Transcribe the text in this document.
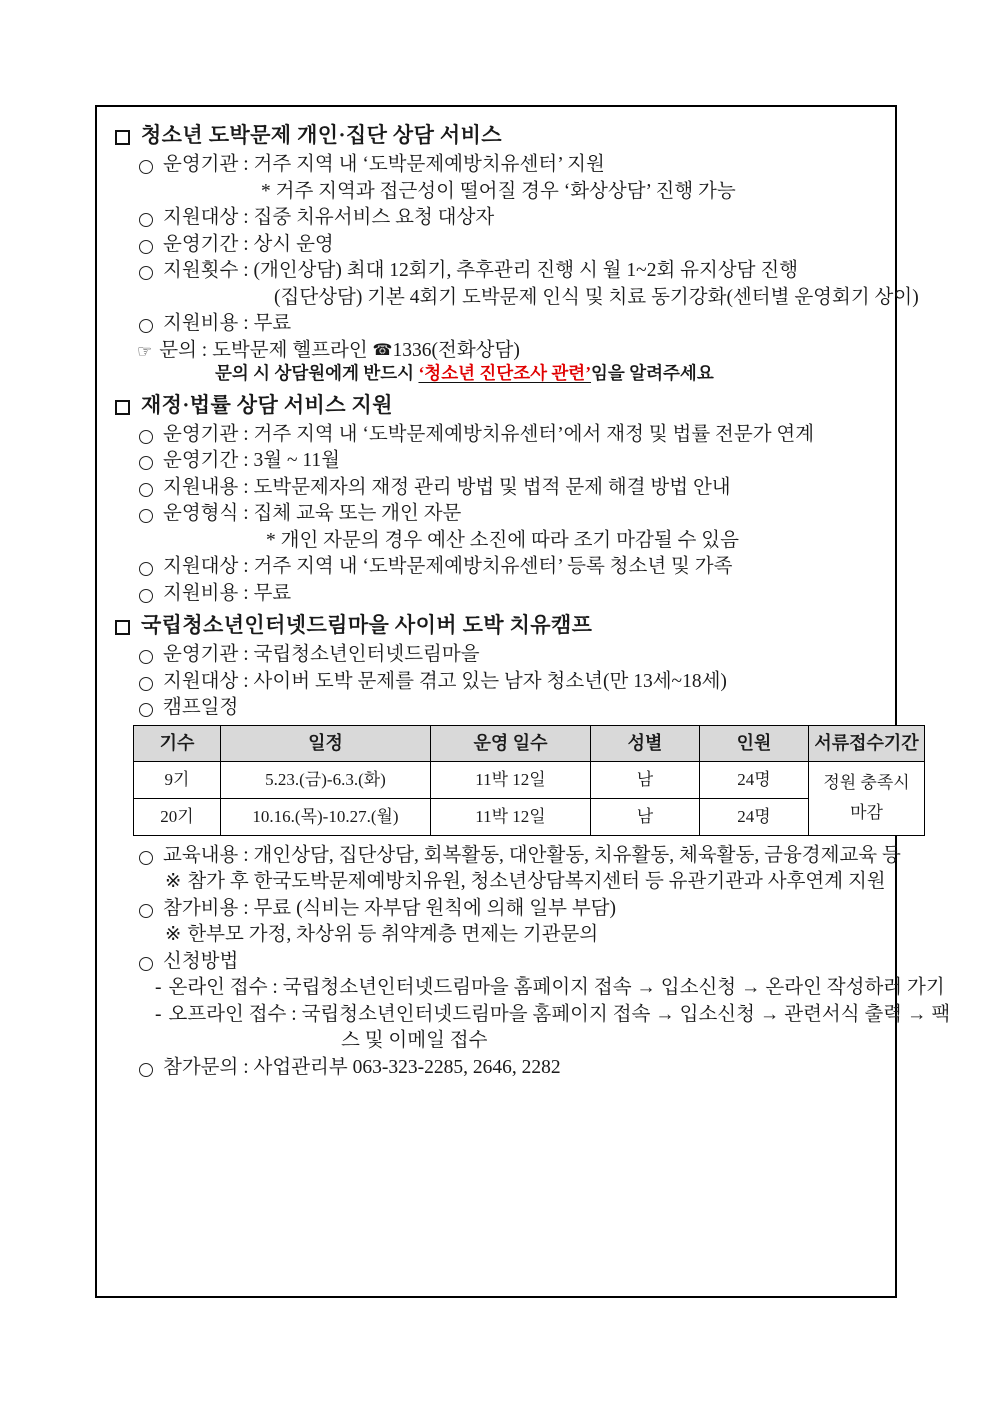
청소년 도박문제 개인·집단 상담 서비스
운영기관 : 거주 지역 내 ‘도박문제예방치유센터’ 지원
* 거주 지역과 접근성이 떨어질 경우 ‘화상상담’ 진행 가능
지원대상 : 집중 치유서비스 요청 대상자
운영기간 : 상시 운영
지원횟수 : (개인상담) 최대 12회기, 추후관리 진행 시 월 1~2회 유지상담 진행
(집단상담) 기본 4회기 도박문제 인식 및 치료 동기강화(센터별 운영회기 상이)
지원비용 : 무료
☞ 문의 : 도박문제 헬프라인 ☎1336(전화상담)
문의 시 상담원에게 반드시 ‘청소년 진단조사 관련’임을 알려주세요
재정·법률 상담 서비스 지원
운영기관 : 거주 지역 내 ‘도박문제예방치유센터’에서 재정 및 법률 전문가 연계
운영기간 : 3월 ~ 11월
지원내용 : 도박문제자의 재정 관리 방법 및 법적 문제 해결 방법 안내
운영형식 : 집체 교육 또는 개인 자문
* 개인 자문의 경우 예산 소진에 따라 조기 마감될 수 있음
지원대상 : 거주 지역 내 ‘도박문제예방치유센터’ 등록 청소년 및 가족
지원비용 : 무료
국립청소년인터넷드림마을 사이버 도박 치유캠프
운영기관 : 국립청소년인터넷드림마을
지원대상 : 사이버 도박 문제를 겪고 있는 남자 청소년(만 13세~18세)
캠프일정
기수	일정	운영 일수	성별	인원	서류접수기간
9기	5.23.(금)-6.3.(화)	11박 12일	남	24명	정원 충족시
마감

20기	10.16.(목)-10.27.(월)	11박 12일	남	24명	
교육내용 : 개인상담, 집단상담, 회복활동, 대안활동, 치유활동, 체육활동, 금융경제교육 등
※ 참가 후 한국도박문제예방치유원, 청소년상담복지센터 등 유관기관과 사후연계 지원
참가비용 : 무료 (식비는 자부담 원칙에 의해 일부 부담)
※ 한부모 가정, 차상위 등 취약계층 면제는 기관문의
신청방법
- 온라인 접수 : 국립청소년인터넷드림마을 홈페이지 접속 → 입소신청 → 온라인 작성하러 가기
- 오프라인 접수 : 국립청소년인터넷드림마을 홈페이지 접속 → 입소신청 → 관련서식 출력 → 팩
스 및 이메일 접수
참가문의 : 사업관리부 063-323-2285, 2646, 2282
